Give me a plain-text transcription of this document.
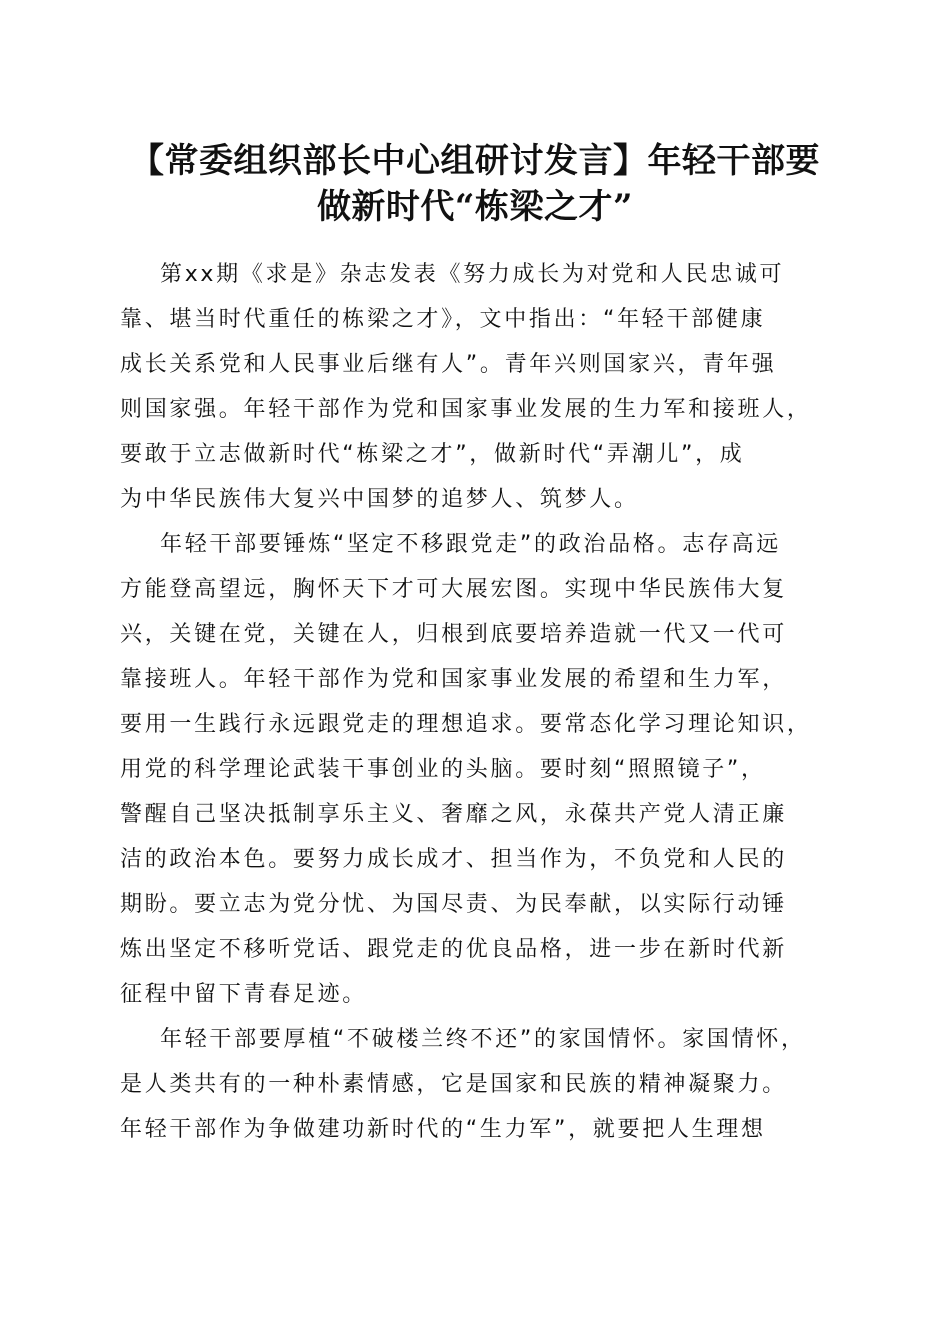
【常委组织部长中心组研讨发言】年轻干部要
做新时代“栋梁之才”
第xx期《求是》杂志发表《努力成长为对党和人民忠诚可
靠、堪当时代重任的栋梁之才》，文中指出：“年轻干部健康
成长关系党和人民事业后继有人”。青年兴则国家兴，青年强
则国家强。年轻干部作为党和国家事业发展的生力军和接班人，
要敢于立志做新时代“栋梁之才”，做新时代“弄潮儿”，成
为中华民族伟大复兴中国梦的追梦人、筑梦人。
年轻干部要锤炼“坚定不移跟党走”的政治品格。志存高远
方能登高望远，胸怀天下才可大展宏图。实现中华民族伟大复
兴，关键在党，关键在人，归根到底要培养造就一代又一代可
靠接班人。年轻干部作为党和国家事业发展的希望和生力军，
要用一生践行永远跟党走的理想追求。要常态化学习理论知识，
用党的科学理论武装干事创业的头脑。要时刻“照照镜子”，
警醒自己坚决抵制享乐主义、奢靡之风，永葆共产党人清正廉
洁的政治本色。要努力成长成才、担当作为，不负党和人民的
期盼。要立志为党分忧、为国尽责、为民奉献，以实际行动锤
炼出坚定不移听党话、跟党走的优良品格，进一步在新时代新
征程中留下青春足迹。
年轻干部要厚植“不破楼兰终不还”的家国情怀。家国情怀，
是人类共有的一种朴素情感，它是国家和民族的精神凝聚力。
年轻干部作为争做建功新时代的“生力军”，就要把人生理想
